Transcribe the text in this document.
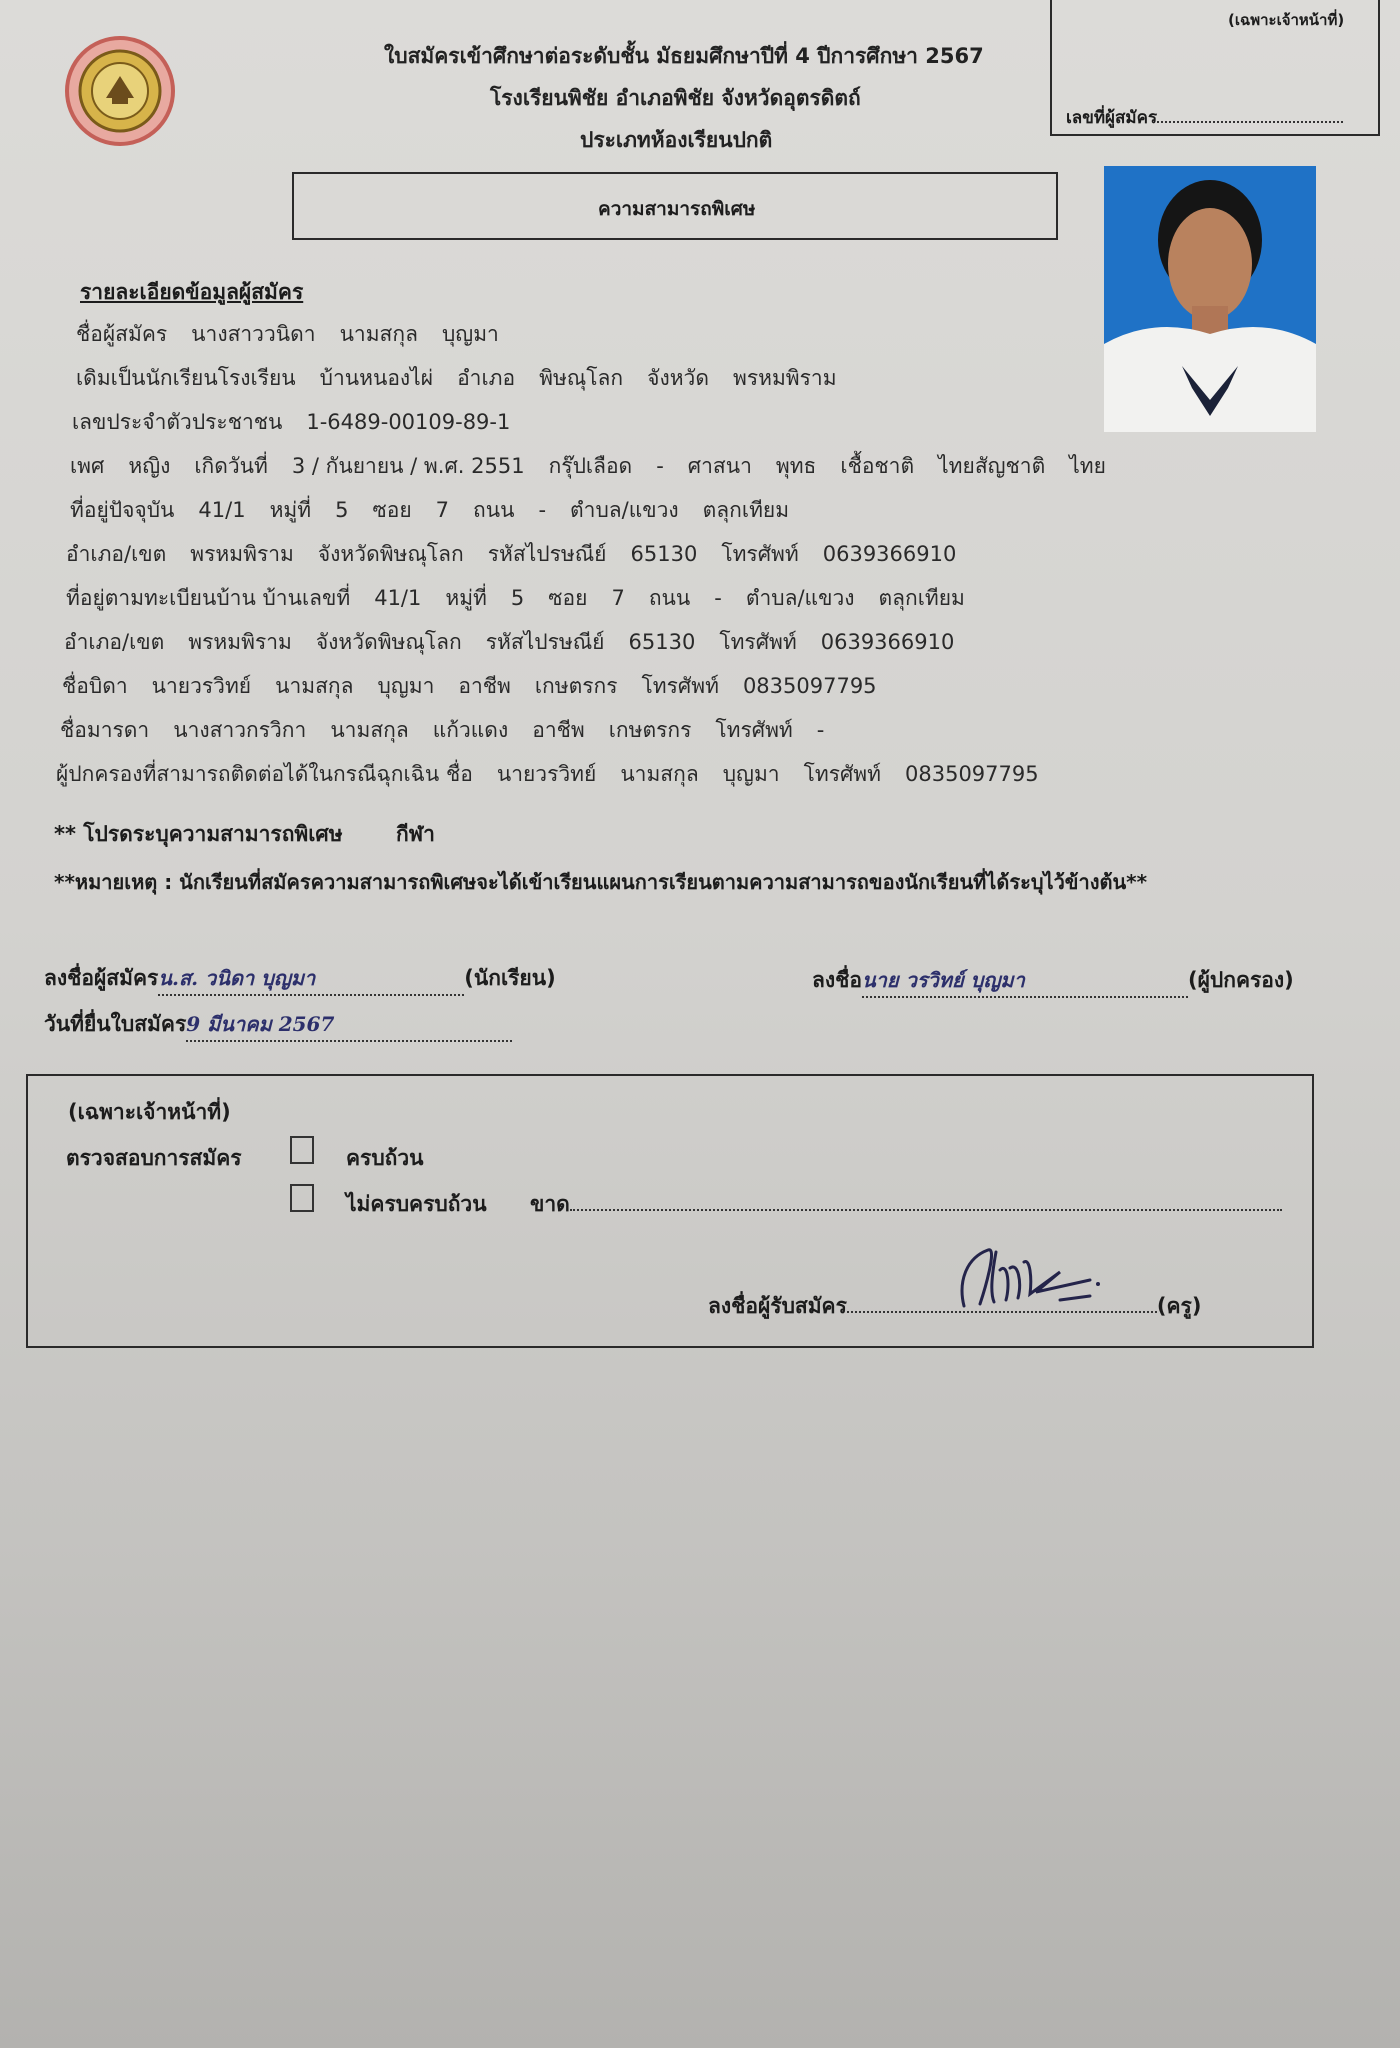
ใบสมัครเข้าศึกษาต่อระดับชั้น มัธยมศึกษาปีที่ 4 ปีการศึกษา 2567
โรงเรียนพิชัย อำเภอพิชัย จังหวัดอุตรดิตถ์
ประเภทห้องเรียนปกติ
(เฉพาะเจ้าหน้าที่)
เลขที่ผู้สมัคร
ความสามารถพิเศษ
รายละเอียดข้อมูลผู้สมัคร
ชื่อผู้สมัคร นางสาววนิดา นามสกุล บุญมา
เดิมเป็นนักเรียนโรงเรียน บ้านหนองไผ่ อำเภอ พิษณุโลก จังหวัด พรหมพิราม
เลขประจำตัวประชาชน 1-6489-00109-89-1
เพศ หญิง เกิดวันที่ 3 / กันยายน / พ.ศ. 2551 กรุ๊ปเลือด - ศาสนา พุทธ เชื้อชาติ ไทยสัญชาติ ไทย
ที่อยู่ปัจจุบัน 41/1 หมู่ที่ 5 ซอย 7 ถนน - ตำบล/แขวง ตลุกเทียม
อำเภอ/เขต พรหมพิราม จังหวัดพิษณุโลก รหัสไปรษณีย์ 65130 โทรศัพท์ 0639366910
ที่อยู่ตามทะเบียนบ้าน บ้านเลขที่ 41/1 หมู่ที่ 5 ซอย 7 ถนน - ตำบล/แขวง ตลุกเทียม
อำเภอ/เขต พรหมพิราม จังหวัดพิษณุโลก รหัสไปรษณีย์ 65130 โทรศัพท์ 0639366910
ชื่อบิดา นายวรวิทย์ นามสกุล บุญมา อาชีพ เกษตรกร โทรศัพท์ 0835097795
ชื่อมารดา นางสาวกรวิกา นามสกุล แก้วแดง อาชีพ เกษตรกร โทรศัพท์ -
ผู้ปกครองที่สามารถติดต่อได้ในกรณีฉุกเฉิน ชื่อ นายวรวิทย์ นามสกุล บุญมา โทรศัพท์ 0835097795
** โปรดระบุความสามารถพิเศษ	กีฬา
**หมายเหตุ : นักเรียนที่สมัครความสามารถพิเศษจะได้เข้าเรียนแผนการเรียนตามความสามารถของนักเรียนที่ได้ระบุไว้ข้างต้น**
ลงชื่อผู้สมัครน.ส. วนิดา บุญมา	(นักเรียน)	ลงชื่อนาย วรวิทย์ บุญมา	(ผู้ปกครอง)
วันที่ยื่นใบสมัคร9 มีนาคม 2567
(เฉพาะเจ้าหน้าที่)
ตรวจสอบการสมัคร	ครบถ้วน
ไม่ครบครบถ้วน ขาด
ลงชื่อผู้รับสมัคร	(ครู)
